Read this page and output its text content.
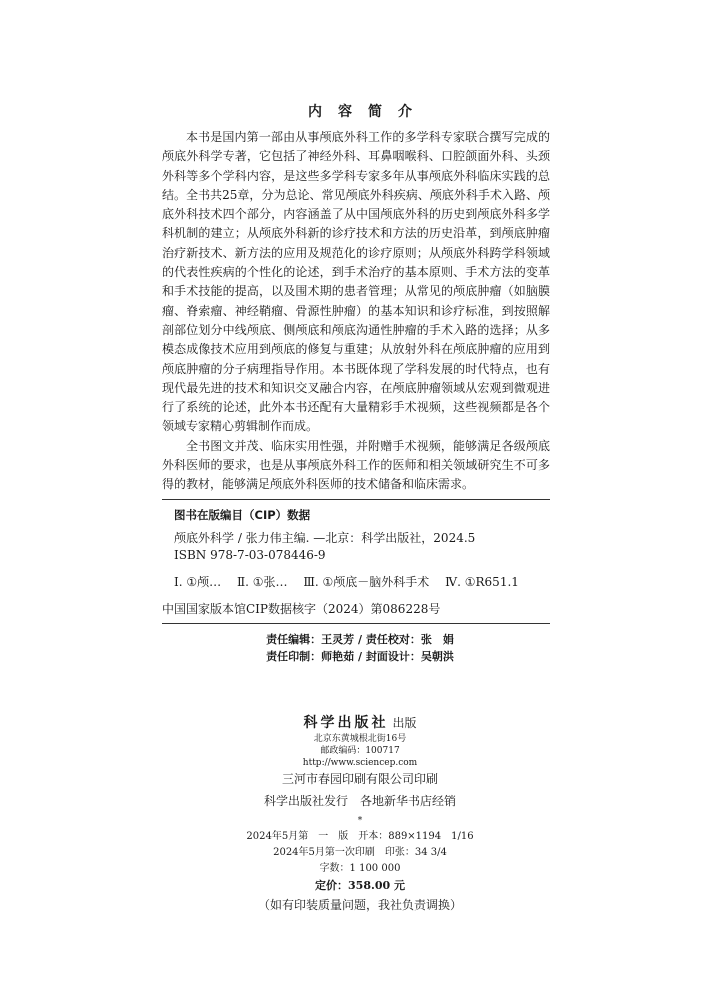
内容简介

本书是国内第一部由从事颅底外科工作的多学科专家联合撰写完成的颅底外科学专著，它包括了神经外科、耳鼻咽喉科、口腔颌面外科、头颈外科等多个学科内容，是这些多学科专家多年从事颅底外科临床实践的总结。全书共25章，分为总论、常见颅底外科疾病、颅底外科手术入路、颅底外科技术四个部分，内容涵盖了从中国颅底外科的历史到颅底外科多学科机制的建立；从颅底外科新的诊疗技术和方法的历史沿革，到颅底肿瘤治疗新技术、新方法的应用及规范化的诊疗原则；从颅底外科跨学科领域的代表性疾病的个性化的论述，到手术治疗的基本原则、手术方法的变革和手术技能的提高，以及围术期的患者管理；从常见的颅底肿瘤（如脑膜瘤、脊索瘤、神经鞘瘤、骨源性肿瘤）的基本知识和诊疗标准，到按照解剖部位划分中线颅底、侧颅底和颅底沟通性肿瘤的手术入路的选择；从多模态成像技术应用到颅底的修复与重建；从放射外科在颅底肿瘤的应用到颅底肿瘤的分子病理指导作用。本书既体现了学科发展的时代特点，也有现代最先进的技术和知识交叉融合内容，在颅底肿瘤领域从宏观到微观进行了系统的论述，此外本书还配有大量精彩手术视频，这些视频都是各个领域专家精心剪辑制作而成。

全书图文并茂、临床实用性强，并附赠手术视频，能够满足各级颅底外科医师的要求，也是从事颅底外科工作的医师和相关领域研究生不可多得的教材，能够满足颅底外科医师的技术储备和临床需求。

图书在版编目（CIP）数据
颅底外科学 / 张力伟主编. —北京：科学出版社，2024.5
ISBN 978-7-03-078446-9
Ⅰ. ①颅… Ⅱ. ①张… Ⅲ. ①颅底－脑外科手术 Ⅳ. ①R651.1
中国国家版本馆CIP数据核字（2024）第086228号
责任编辑：王灵芳 / 责任校对：张　娟
责任印制：师艳茹 / 封面设计：吴朝洪
科学出版社 出版
北京东黄城根北街16号
邮政编码：100717
http://www.sciencep.com
三河市春园印刷有限公司印刷
科学出版社发行　各地新华书店经销
*
2024年5月第　一　版　开本：889×1194　1/16
2024年5月第一次印刷　印张：34 3/4
字数：1 100 000
定价：358.00 元
（如有印装质量问题，我社负责调换）
